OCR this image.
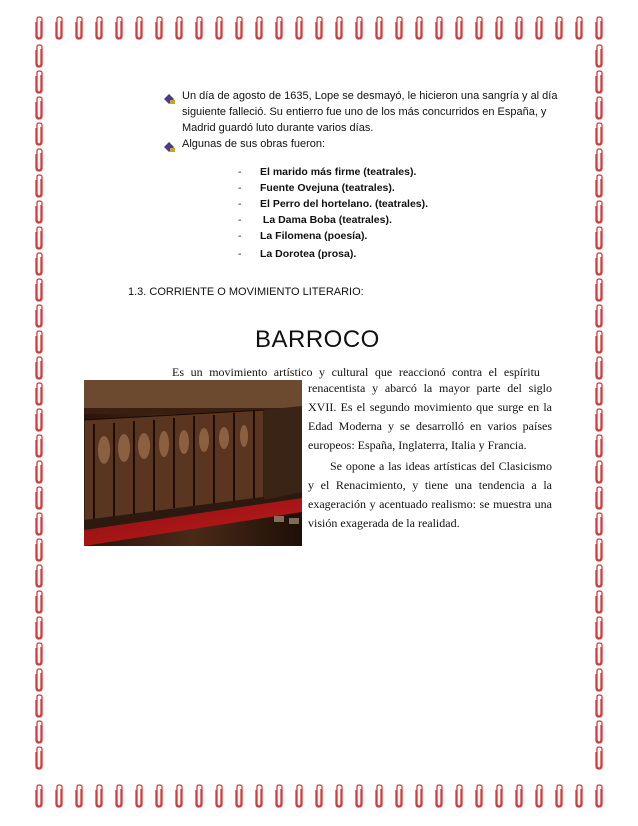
Un día de agosto de 1635, Lope se desmayó, le hicieron una sangría y al día siguiente falleció. Su entierro fue uno de los más concurridos en España, y Madrid guardó luto durante varios días.
Algunas de sus obras fueron:
- El marido más firme (teatrales).
- Fuente Ovejuna (teatrales).
- El Perro del hortelano. (teatrales).
- La Dama Boba (teatrales).
- La Filomena (poesía).
- La Dorotea (prosa).
1.3. CORRIENTE O MOVIMIENTO LITERARIO:
BARROCO
Es un movimiento artístico y cultural que reaccionó contra el espíritu
renacentista y abarcó la mayor parte del siglo XVII. Es el segundo movimiento que surge en la Edad Moderna y se desarrolló en varios países europeos: España, Inglaterra, Italia y Francia.
Se opone a las ideas artísticas del Clasicismo y el Renacimiento, y tiene una tendencia a la exageración y acentuado realismo: se muestra una visión exagerada de la realidad.
